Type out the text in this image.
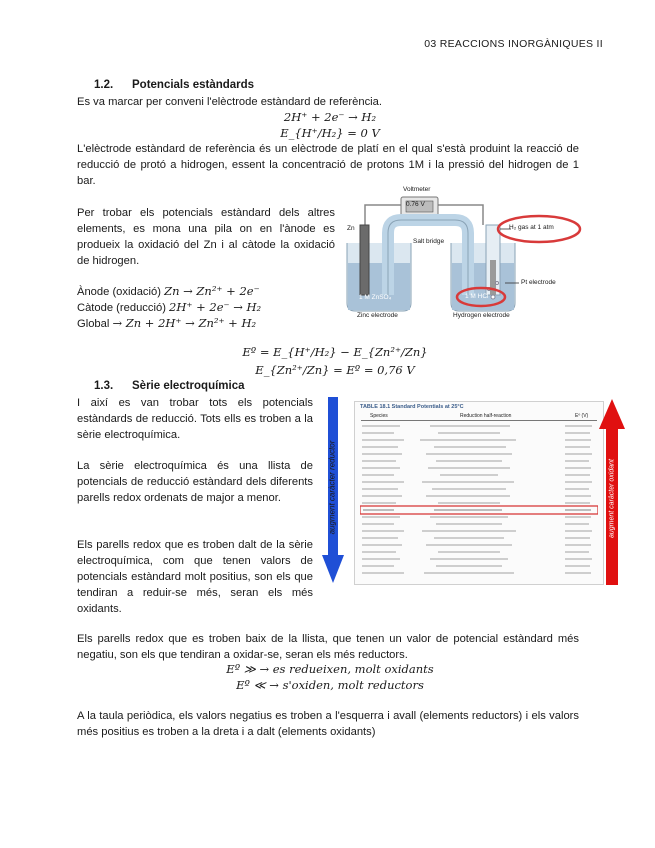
03 REACCIONS INORGÀNIQUES II
1.2. Potencials estàndards
Es va marcar per conveni l'elèctrode estàndard de referència.
2H⁺ + 2e⁻ → H₂
E_{H⁺/H₂} = 0 V
L'elèctrode estàndard de referència és un elèctrode de platí en el qual s'està produint la reacció de reducció de protó a hidrogen, essent la concentració de protons 1M i la pressió del hidrogen de 1 bar.
Per trobar els potencials estàndard dels altres elements, es mona una pila on en l'ànode es produeix la oxidació del Zn i al càtode la oxidació de hidrogen.
Ànode (oxidació) Zn → Zn²⁺ + 2e⁻
Càtode (reducció) 2H⁺ + 2e⁻ → H₂
Global → Zn + 2H⁺ → Zn²⁺ + H₂
Voltmeter
0.76 V
H₂ gas at 1 atm
Zn
Salt bridge
Pt electrode
1 M ZnSO₄	1 M HCl
Zinc electrode	Hydrogen electrode
Eº = E_{H⁺/H₂} − E_{Zn²⁺/Zn}
E_{Zn²⁺/Zn} = Eº = 0,76 V
1.3. Sèrie electroquímica
I així es van trobar tots els potencials estàndards de reducció. Tots ells es troben a la sèrie electroquímica.
La sèrie electroquímica és una llista de potencials de reducció estàndard dels diferents parells redox ordenats de major a menor.
Els parells redox que es troben dalt de la sèrie electroquímica, com que tenen valors de potencials estàndard molt positius, son els que tendiran a reduir-se més, seran els més oxidants.
augment caràcter reductor
TABLE 18.1 Standard Potentials at 25°C
Species	Reduction half-reaction	Eº (V)
augment caràcter oxidant
Els parells redox que es troben baix de la llista, que tenen un valor de potencial estàndard més negatiu, son els que tendiran a oxidar-se, seran els més reductors.
Eº ≫ → es redueixen, molt oxidants
Eº ≪ → s'oxiden, molt reductors
A la taula periòdica, els valors negatius es troben a l'esquerra i avall (elements reductors) i els valors més positius es troben a la dreta i a dalt (elements oxidants)
